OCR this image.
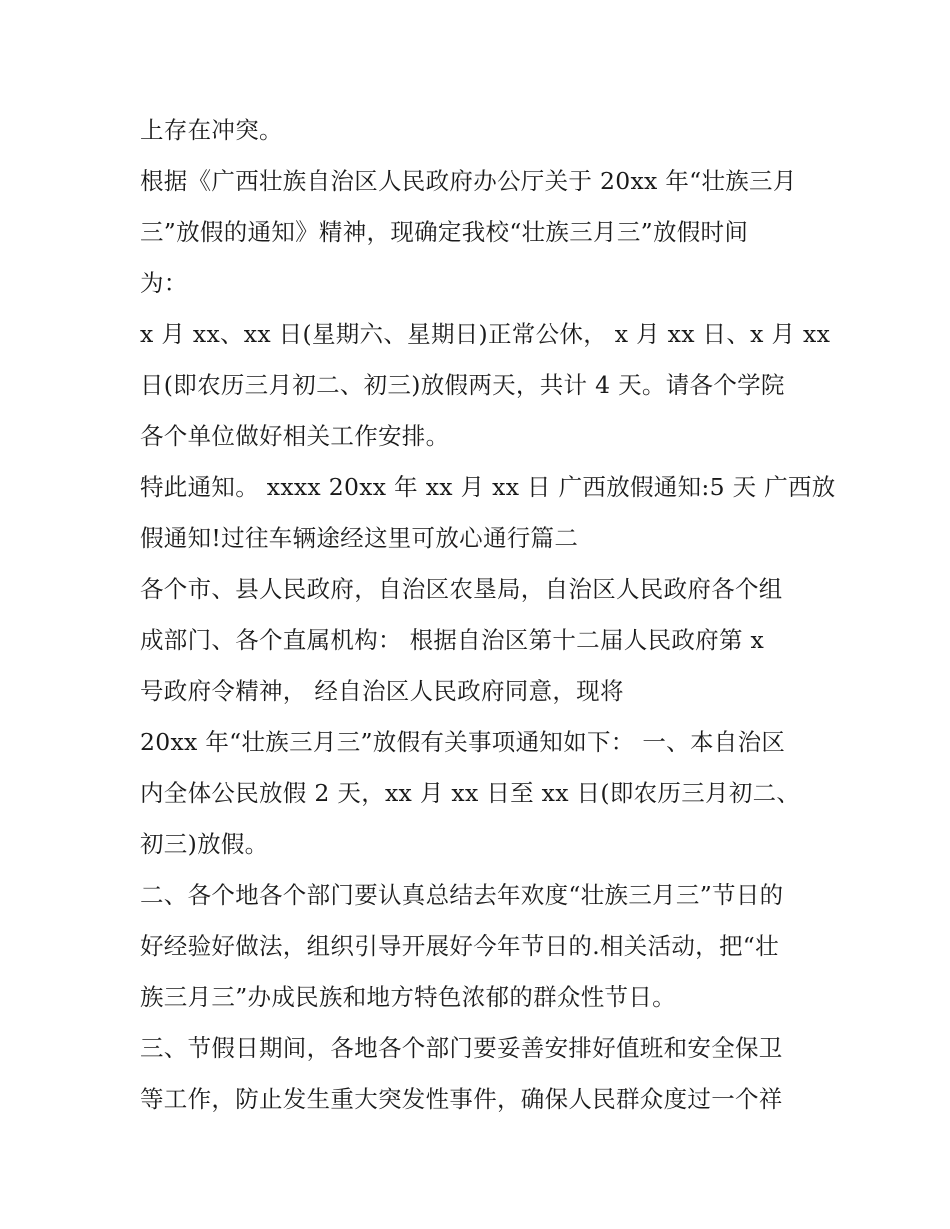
上存在冲突。
根据《广西壮族自治区人民政府办公厅关于 20xx 年“壮族三月
三”放假的通知》精神，现确定我校“壮族三月三”放假时间
为：
x 月 xx、xx 日(星期六、星期日)正常公休， x 月 xx 日、x 月 xx
日(即农历三月初二、初三)放假两天，共计 4 天。请各个学院
各个单位做好相关工作安排。
特此通知。 xxxx 20xx 年 xx 月 xx 日 广西放假通知:5 天 广西放
假通知!过往车辆途经这里可放心通行篇二
各个市、县人民政府，自治区农垦局，自治区人民政府各个组
成部门、各个直属机构： 根据自治区第十二届人民政府第 x
号政府令精神， 经自治区人民政府同意，现将
20xx 年“壮族三月三”放假有关事项通知如下： 一、本自治区
内全体公民放假 2 天，xx 月 xx 日至 xx 日(即农历三月初二、
初三)放假。
二、各个地各个部门要认真总结去年欢度“壮族三月三”节日的
好经验好做法，组织引导开展好今年节日的.相关活动，把“壮
族三月三”办成民族和地方特色浓郁的群众性节日。
三、节假日期间，各地各个部门要妥善安排好值班和安全保卫
等工作，防止发生重大突发性事件，确保人民群众度过一个祥
